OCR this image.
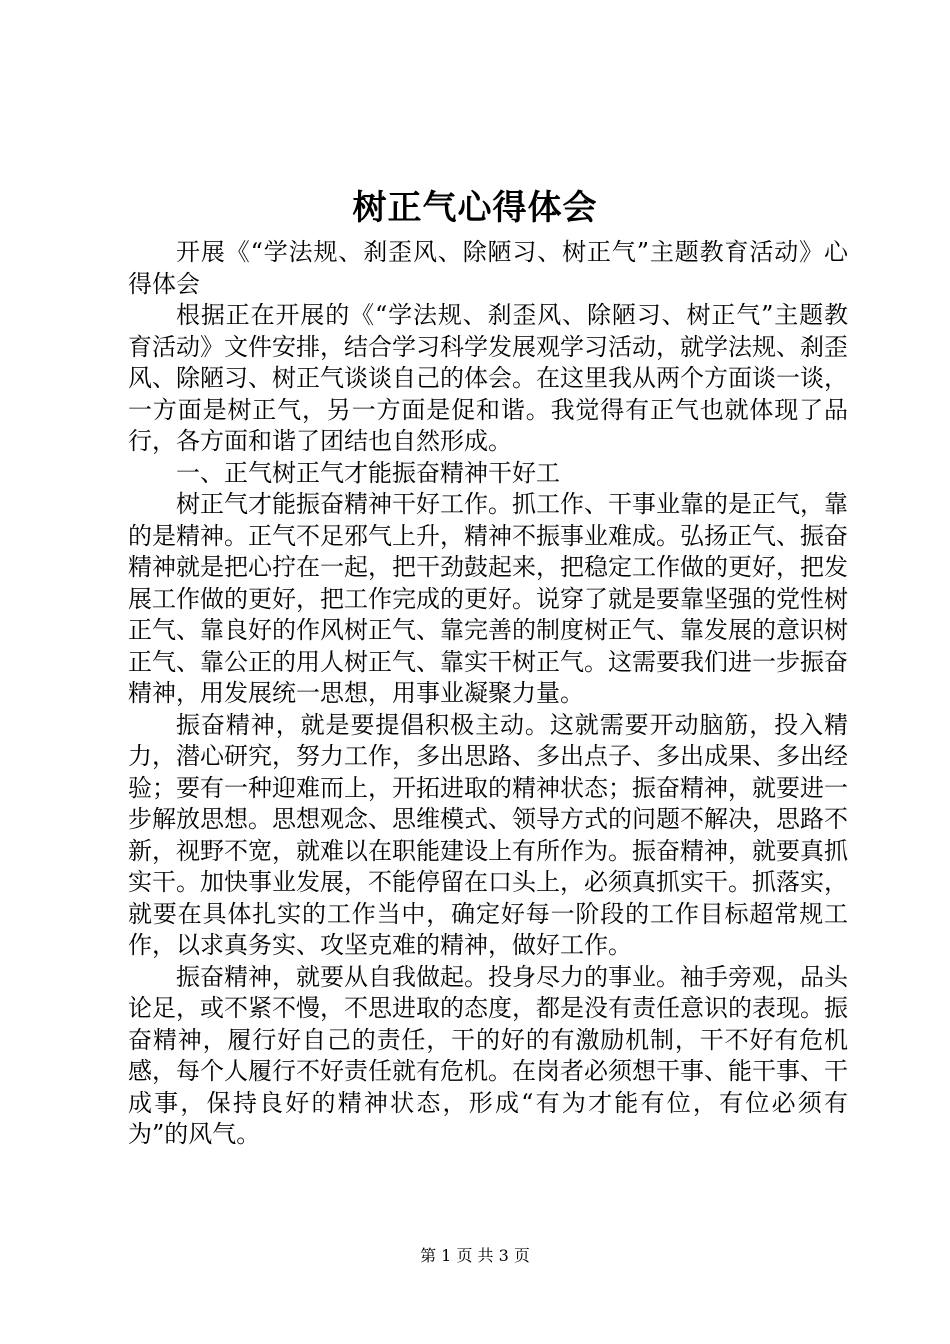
树正气心得体会

开展《“学法规、刹歪风、除陋习、树正气”主题教育活动》心得体会

根据正在开展的《“学法规、刹歪风、除陋习、树正气”主题教育活动》文件安排，结合学习科学发展观学习活动，就学法规、刹歪风、除陋习、树正气谈谈自己的体会。在这里我从两个方面谈一谈，一方面是树正气，另一方面是促和谐。我觉得有正气也就体现了品行，各方面和谐了团结也自然形成。

一、正气树正气才能振奋精神干好工

树正气才能振奋精神干好工作。抓工作、干事业靠的是正气，靠的是精神。正气不足邪气上升，精神不振事业难成。弘扬正气、振奋精神就是把心拧在一起，把干劲鼓起来，把稳定工作做的更好，把发展工作做的更好，把工作完成的更好。说穿了就是要靠坚强的党性树正气、靠良好的作风树正气、靠完善的制度树正气、靠发展的意识树正气、靠公正的用人树正气、靠实干树正气。这需要我们进一步振奋精神，用发展统一思想，用事业凝聚力量。

振奋精神，就是要提倡积极主动。这就需要开动脑筋，投入精力，潜心研究，努力工作，多出思路、多出点子、多出成果、多出经验；要有一种迎难而上，开拓进取的精神状态；振奋精神，就要进一步解放思想。思想观念、思维模式、领导方式的问题不解决，思路不新，视野不宽，就难以在职能建设上有所作为。振奋精神，就要真抓实干。加快事业发展，不能停留在口头上，必须真抓实干。抓落实，就要在具体扎实的工作当中，确定好每一阶段的工作目标超常规工作，以求真务实、攻坚克难的精神，做好工作。

振奋精神，就要从自我做起。投身尽力的事业。袖手旁观，品头论足，或不紧不慢，不思进取的态度，都是没有责任意识的表现。振奋精神，履行好自己的责任，干的好的有激励机制，干不好有危机感，每个人履行不好责任就有危机。在岗者必须想干事、能干事、干成事，保持良好的精神状态，形成“有为才能有位，有位必须有为”的风气。

第 1 页 共 3 页
